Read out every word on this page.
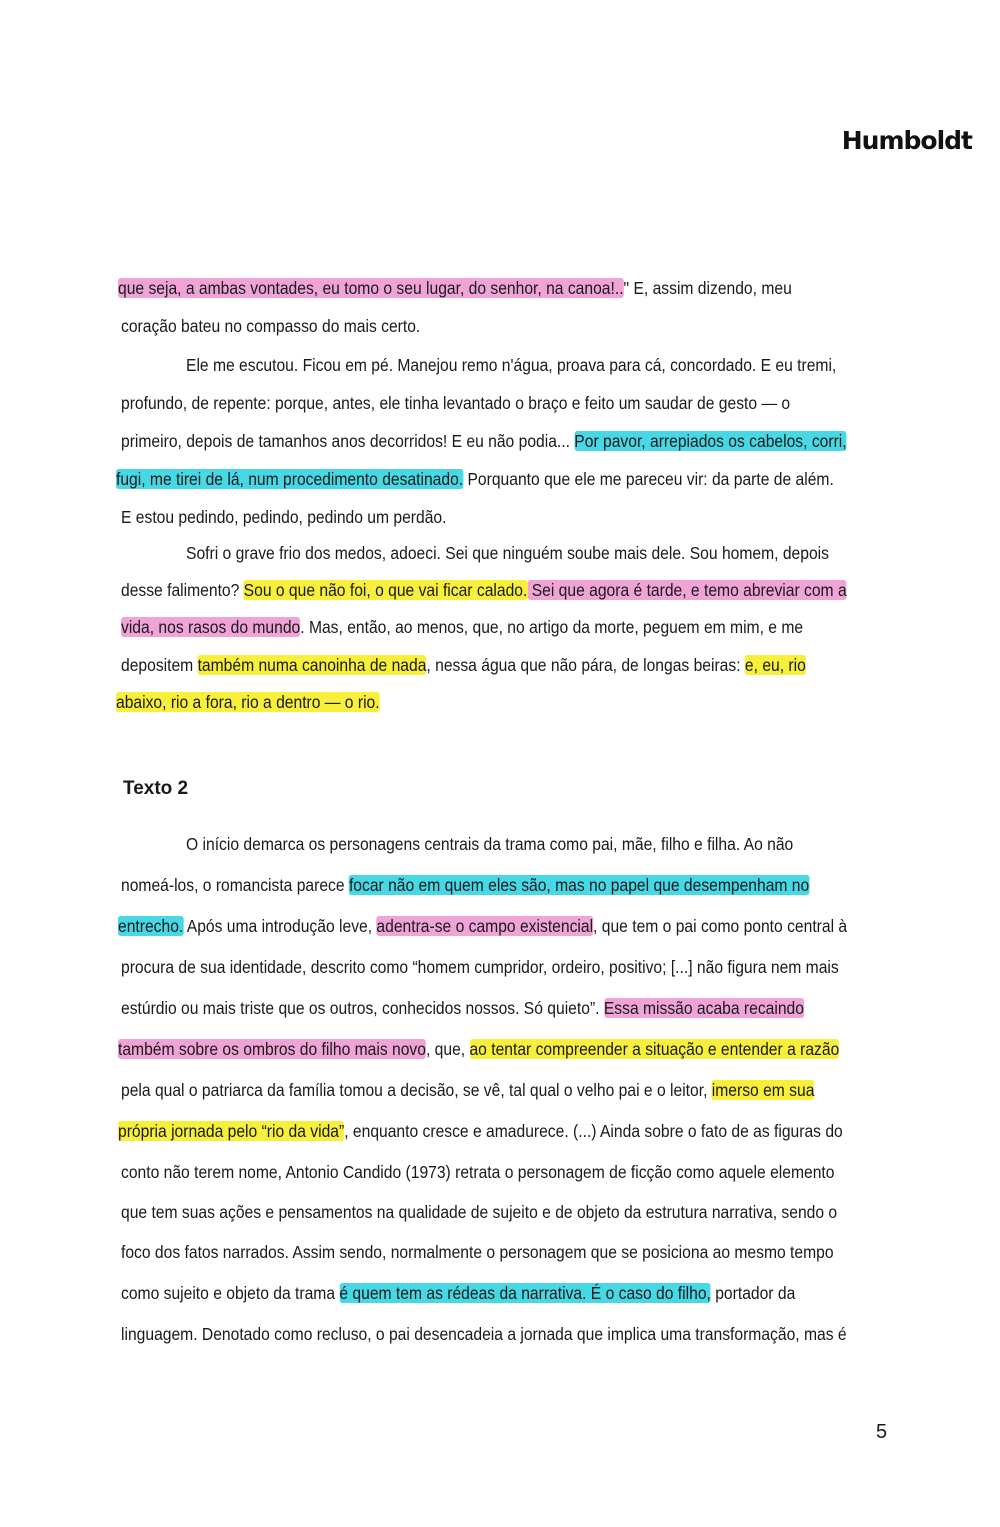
Humboldt
que seja, a ambas vontades, eu tomo o seu lugar, do senhor, na canoa!.." E, assim dizendo, meu
coração bateu no compasso do mais certo.
Ele me escutou. Ficou em pé. Manejou remo n'água, proava para cá, concordado. E eu tremi,
profundo, de repente: porque, antes, ele tinha levantado o braço e feito um saudar de gesto — o
primeiro, depois de tamanhos anos decorridos! E eu não podia... Por pavor, arrepiados os cabelos, corri,
fugi, me tirei de lá, num procedimento desatinado. Porquanto que ele me pareceu vir: da parte de além.
E estou pedindo, pedindo, pedindo um perdão.
Sofri o grave frio dos medos, adoeci. Sei que ninguém soube mais dele. Sou homem, depois
desse falimento? Sou o que não foi, o que vai ficar calado. Sei que agora é tarde, e temo abreviar com a
vida, nos rasos do mundo. Mas, então, ao menos, que, no artigo da morte, peguem em mim, e me
depositem também numa canoinha de nada, nessa água que não pára, de longas beiras: e, eu, rio
abaixo, rio a fora, rio a dentro — o rio.
Texto 2
O início demarca os personagens centrais da trama como pai, mãe, filho e filha. Ao não
nomeá-los, o romancista parece focar não em quem eles são, mas no papel que desempenham no
entrecho. Após uma introdução leve, adentra-se o campo existencial, que tem o pai como ponto central à
procura de sua identidade, descrito como “homem cumpridor, ordeiro, positivo; [...] não figura nem mais
estúrdio ou mais triste que os outros, conhecidos nossos. Só quieto”. Essa missão acaba recaindo
também sobre os ombros do filho mais novo, que, ao tentar compreender a situação e entender a razão
pela qual o patriarca da família tomou a decisão, se vê, tal qual o velho pai e o leitor, imerso em sua
própria jornada pelo “rio da vida”, enquanto cresce e amadurece. (...) Ainda sobre o fato de as figuras do
conto não terem nome, Antonio Candido (1973) retrata o personagem de ficção como aquele elemento
que tem suas ações e pensamentos na qualidade de sujeito e de objeto da estrutura narrativa, sendo o
foco dos fatos narrados. Assim sendo, normalmente o personagem que se posiciona ao mesmo tempo
como sujeito e objeto da trama é quem tem as rédeas da narrativa. É o caso do filho, portador da
linguagem. Denotado como recluso, o pai desencadeia a jornada que implica uma transformação, mas é
5
